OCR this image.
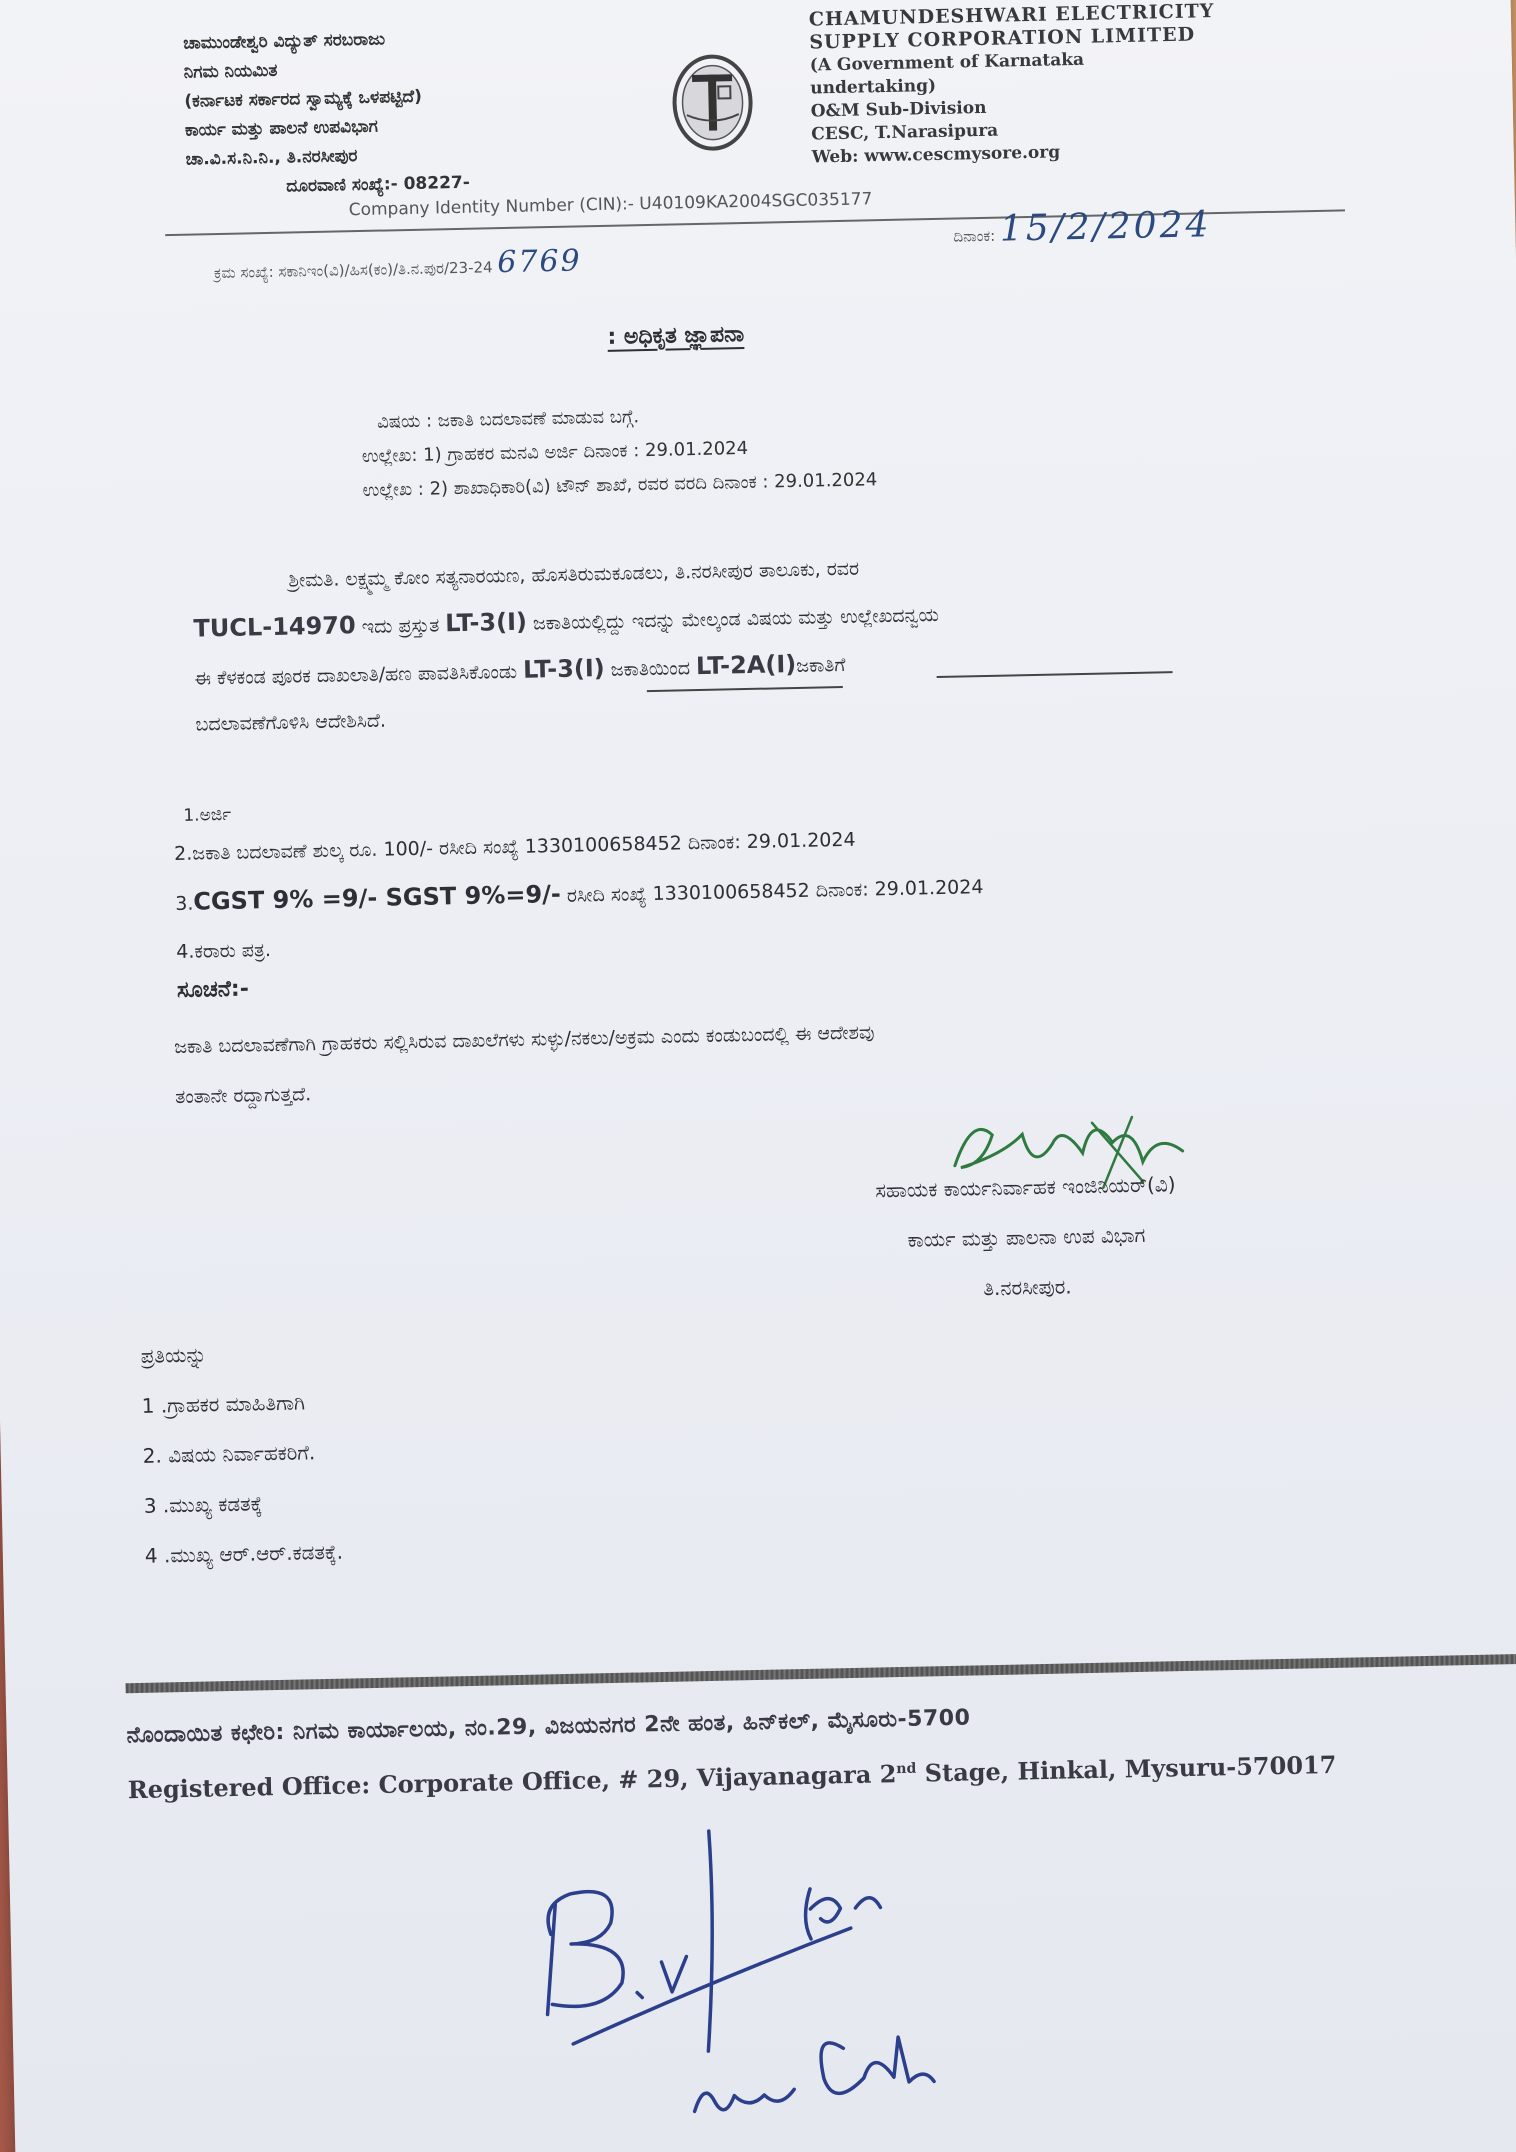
ಚಾಮುಂಡೇಶ್ವರಿ ವಿದ್ಯುತ್ ಸರಬರಾಜು
ನಿಗಮ ನಿಯಮಿತ
(ಕರ್ನಾಟಕ ಸರ್ಕಾರದ ಸ್ವಾಮ್ಯಕ್ಕೆ ಒಳಪಟ್ಟಿದೆ)
ಕಾರ್ಯ ಮತ್ತು ಪಾಲನೆ ಉಪವಿಭಾಗ
ಚಾ.ವಿ.ಸ.ನಿ.ನಿ., ತಿ.ನರಸೀಪುರ
ದೂರವಾಣಿ ಸಂಖ್ಯೆ:- 08227-
CHAMUNDESHWARI ELECTRICITY
SUPPLY CORPORATION LIMITED
(A Government of Karnataka
undertaking)
O&M Sub-Division
CESC, T.Narasipura
Web: www.cescmysore.org
Company Identity Number (CIN):- U40109KA2004SGC035177
ದಿನಾಂಕ: 15/2/2024
ಕ್ರಮ ಸಂಖ್ಯೆ: ಸಕಾನಿಇಂ(ವಿ)/ಹಿಸ(ಕಂ)/ತಿ.ನ.ಪುರ/23-24 6769
: ಅಧಿಕೃತ ಜ್ಞಾಪನಾ
ವಿಷಯ : ಜಕಾತಿ ಬದಲಾವಣೆ ಮಾಡುವ ಬಗ್ಗೆ.
ಉಲ್ಲೇಖ: 1) ಗ್ರಾಹಕರ ಮನವಿ ಅರ್ಜಿ ದಿನಾಂಕ : 29.01.2024
ಉಲ್ಲೇಖ : 2) ಶಾಖಾಧಿಕಾರಿ(ವಿ) ಟೌನ್ ಶಾಖೆ, ರವರ ವರದಿ ದಿನಾಂಕ : 29.01.2024
ಶ್ರೀಮತಿ. ಲಕ್ಷ್ಮಮ್ಮ ಕೋಂ ಸತ್ಯನಾರಯಣ, ಹೊಸತಿರುಮಕೂಡಲು, ತಿ.ನರಸೀಪುರ ತಾಲೂಕು, ರವರ
TUCL-14970 ಇದು ಪ್ರಸ್ತುತ LT-3(I) ಜಕಾತಿಯಲ್ಲಿದ್ದು ಇದನ್ನು ಮೇಲ್ಕಂಡ ವಿಷಯ ಮತ್ತು ಉಲ್ಲೇಖದನ್ವಯ
ಈ ಕೆಳಕಂಡ ಪೂರಕ ದಾಖಲಾತಿ/ಹಣ ಪಾವತಿಸಿಕೊಂಡು LT-3(I) ಜಕಾತಿಯಿಂದ LT-2A(I)ಜಕಾತಿಗೆ
ಬದಲಾವಣೆಗೊಳಿಸಿ ಆದೇಶಿಸಿದೆ.
1.ಅರ್ಜಿ
2.ಜಕಾತಿ ಬದಲಾವಣೆ ಶುಲ್ಕ ರೂ. 100/- ರಸೀದಿ ಸಂಖ್ಯೆ 1330100658452 ದಿನಾಂಕ: 29.01.2024
3.CGST 9% =9/- SGST 9%=9/- ರಸೀದಿ ಸಂಖ್ಯೆ 1330100658452 ದಿನಾಂಕ: 29.01.2024
4.ಕರಾರು ಪತ್ರ.
ಸೂಚನೆ:-
ಜಕಾತಿ ಬದಲಾವಣೆಗಾಗಿ ಗ್ರಾಹಕರು ಸಲ್ಲಿಸಿರುವ ದಾಖಲೆಗಳು ಸುಳ್ಳು/ನಕಲು/ಅಕ್ರಮ ಎಂದು ಕಂಡುಬಂದಲ್ಲಿ ಈ ಆದೇಶವು
ತಂತಾನೇ ರದ್ದಾಗುತ್ತದೆ.
ಸಹಾಯಕ ಕಾರ್ಯನಿರ್ವಾಹಕ ಇಂಜಿನಿಯರ್(ವಿ)
ಕಾರ್ಯ ಮತ್ತು ಪಾಲನಾ ಉಪ ವಿಭಾಗ
ತಿ.ನರಸೀಪುರ.
ಪ್ರತಿಯನ್ನು
1 .ಗ್ರಾಹಕರ ಮಾಹಿತಿಗಾಗಿ
2. ವಿಷಯ ನಿರ್ವಾಹಕರಿಗೆ.
3 .ಮುಖ್ಯ ಕಡತಕ್ಕೆ
4 .ಮುಖ್ಯ ಆರ್.ಆರ್.ಕಡತಕ್ಕೆ.
ನೊಂದಾಯಿತ ಕಛೇರಿ: ನಿಗಮ ಕಾರ್ಯಾಲಯ, ನಂ.29, ವಿಜಯನಗರ 2ನೇ ಹಂತ, ಹಿನ್‌ಕಲ್, ಮೈಸೂರು-5700
Registered Office: Corporate Office, # 29, Vijayanagara 2nd Stage, Hinkal, Mysuru-570017
